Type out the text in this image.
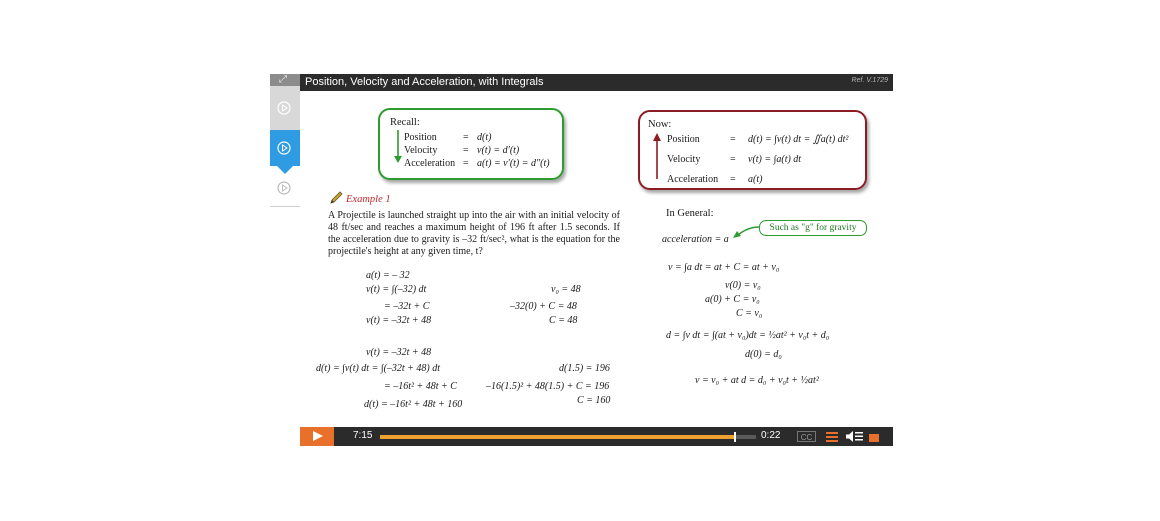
⤢ Position, Velocity and Acceleration, with Integrals	Ref. V.1729
Recall:
Position	= d(t)
Velocity	= v(t) = d′(t)
Acceleration = a(t) = v′(t) = d″(t)
Now:
Position	= d(t) = ∫v(t) dt = ∬a(t) dt²
Velocity	= v(t) = ∫a(t) dt
Acceleration = a(t)
Example 1
A Projectile is launched straight up into the air with an initial velocity of 48 ft/sec and reaches a maximum height of 196 ft after 1.5 seconds. If the acceleration due to gravity is –32 ft/sec², what is the equation for the projectile's height at any given time, t?
a(t) = – 32
v(t) = ∫(–32) dt
= –32t + C
v(t) = –32t + 48
v₀ = 48
–32(0) + C = 48
C = 48
v(t) = –32t + 48
d(t) = ∫v(t) dt = ∫(–32t + 48) dt
= –16t² + 48t + C
d(t) = –16t² + 48t + 160
d(1.5) = 196
–16(1.5)² + 48(1.5) + C = 196
C = 160
In General:
acceleration = a
Such as "g" for gravity
v = ∫a dt = at + C = at + v₀
v(0) = v₀
a(0) + C = v₀
C = v₀
d = ∫v dt = ∫(at + v₀)dt = ½at² + v₀t + d₀
d(0) = d₀
v = v₀ + at d = d₀ + v₀t + ½at²
7:15	0:22	CC
